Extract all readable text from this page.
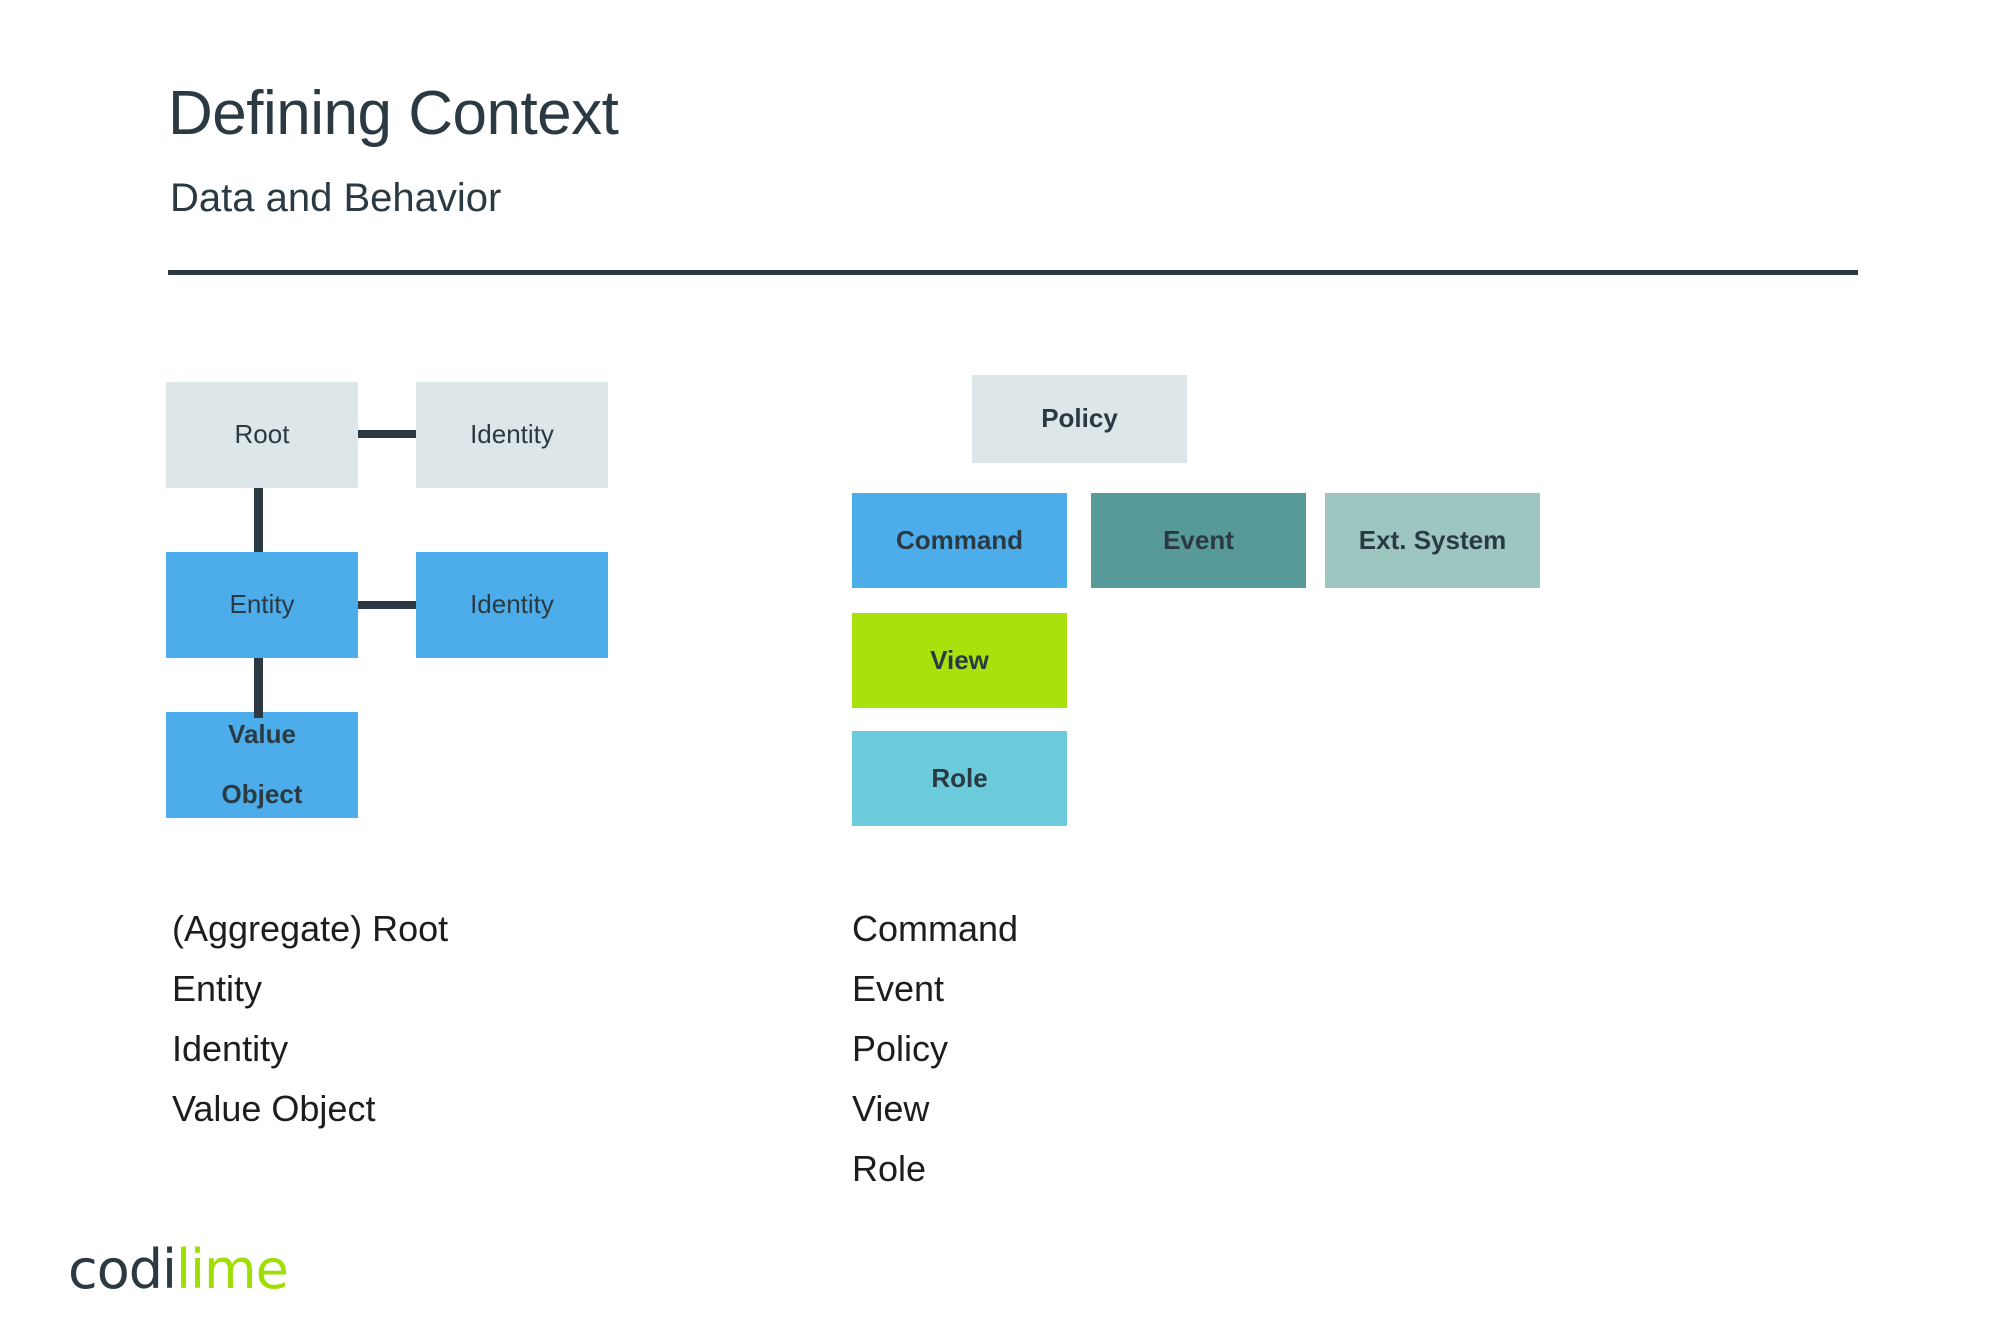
Defining Context
Data and Behavior
Root	Identity
Entity	Identity
Value

Object
Policy
Command	Event	Ext. System
View
Role
(Aggregate) Root
Entity
Identity
Value Object
Command
Event
Policy
View
Role
codilime
